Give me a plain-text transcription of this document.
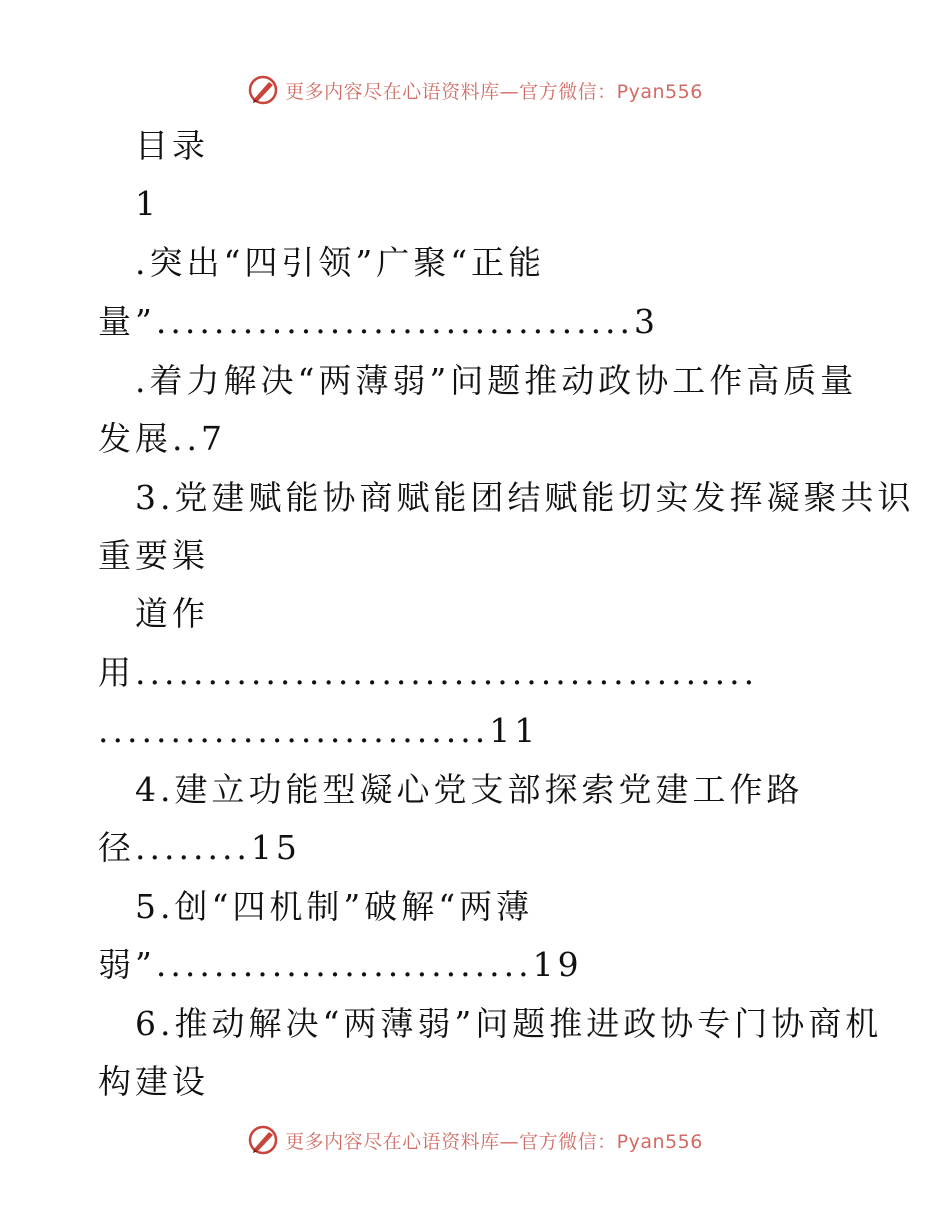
更多内容尽在心语资料库—官方微信：Pyan556
目录
1
.突出“四引领”广聚“正能
量”.................................3
.着力解决“两薄弱”问题推动政协工作高质量
发展..7
3.党建赋能协商赋能团结赋能切实发挥凝聚共识
重要渠
道作
用...........................................
...........................11
4.建立功能型凝心党支部探索党建工作路
径........15
5.创“四机制”破解“两薄
弱”..........................19
6.推动解决“两薄弱”问题推进政协专门协商机
构建设
更多内容尽在心语资料库—官方微信：Pyan556
